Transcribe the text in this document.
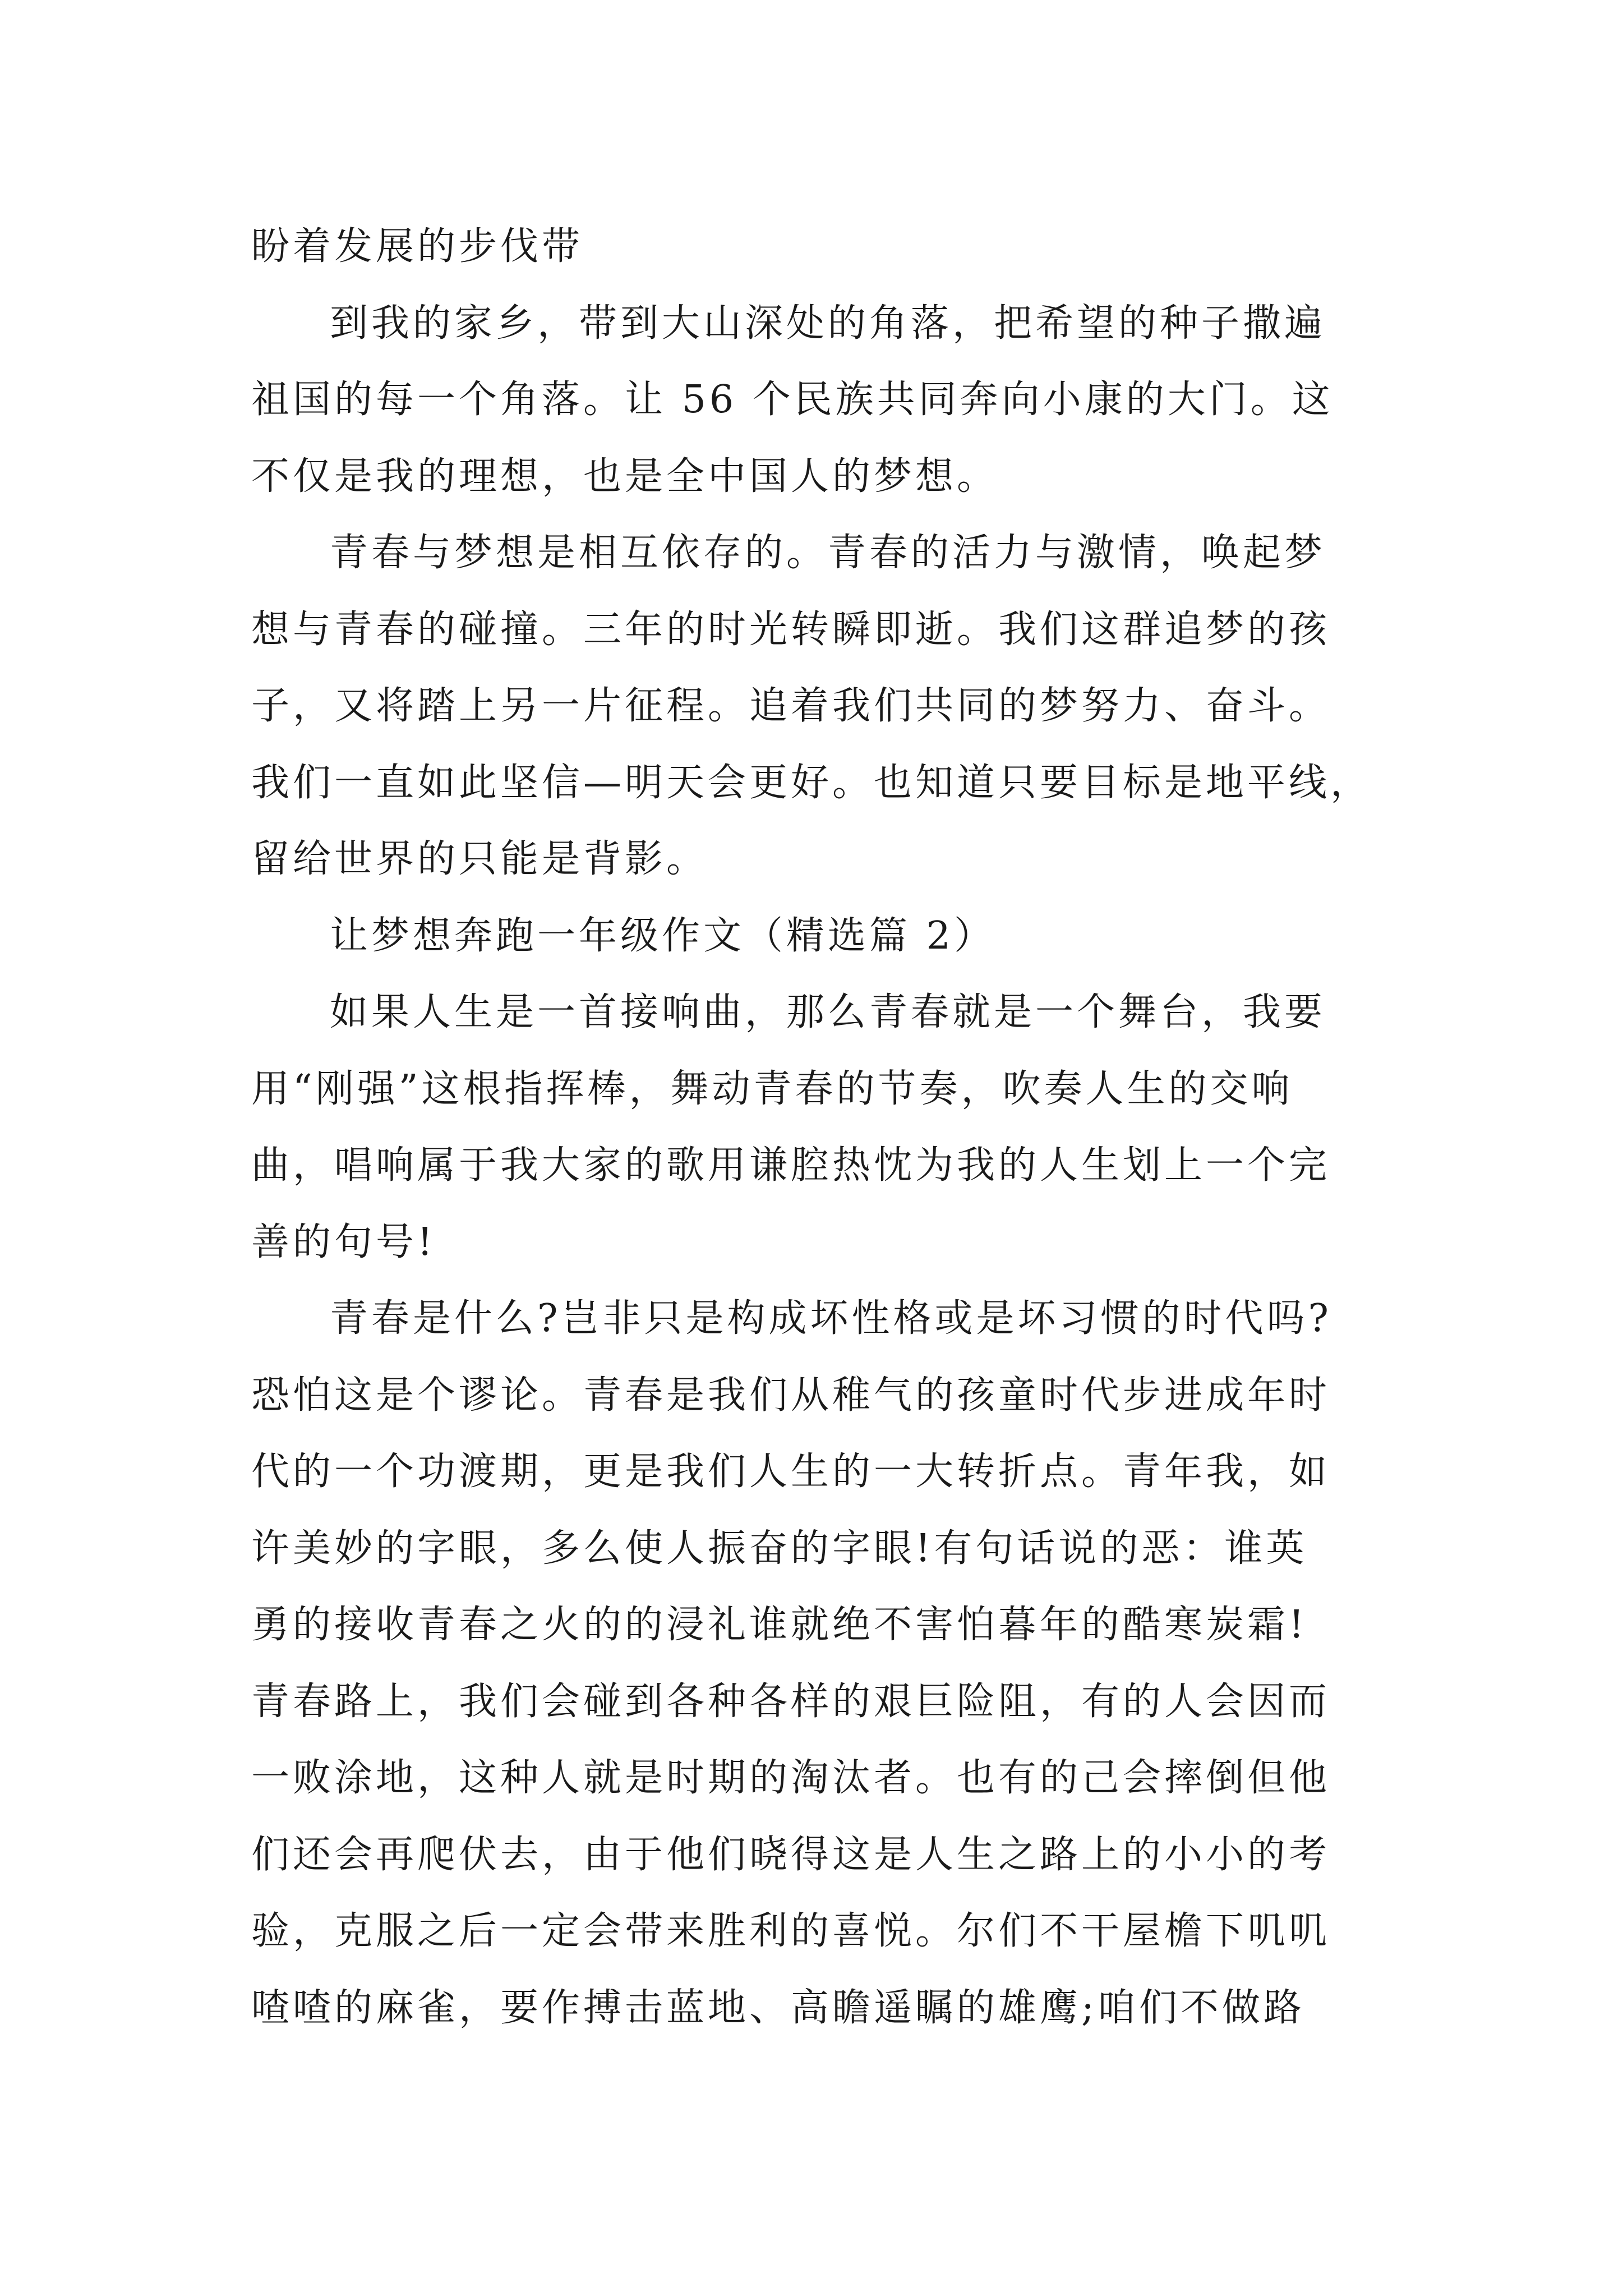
盼着发展的步伐带

到我的家乡，带到大山深处的角落，把希望的种子撒遍
祖国的每一个角落。让 56 个民族共同奔向小康的大门。这
不仅是我的理想，也是全中国人的梦想。

青春与梦想是相互依存的。青春的活力与激情，唤起梦
想与青春的碰撞。三年的时光转瞬即逝。我们这群追梦的孩
子，又将踏上另一片征程。追着我们共同的梦努力、奋斗。
我们一直如此坚信—明天会更好。也知道只要目标是地平线，
留给世界的只能是背影。

让梦想奔跑一年级作文（精选篇 2）

如果人生是一首接响曲，那么青春就是一个舞台，我要
用“刚强”这根指挥棒，舞动青春的节奏，吹奏人生的交响
曲，唱响属于我大家的歌用谦腔热忱为我的人生划上一个完
善的句号!

青春是什么?岂非只是构成坏性格或是坏习惯的时代吗?
恐怕这是个谬论。青春是我们从稚气的孩童时代步进成年时
代的一个功渡期，更是我们人生的一大转折点。青年我，如
许美妙的字眼，多么使人振奋的字眼!有句话说的恶：谁英
勇的接收青春之火的的浸礼谁就绝不害怕暮年的酷寒炭霜!
青春路上，我们会碰到各种各样的艰巨险阻，有的人会因而
一败涂地，这种人就是时期的淘汰者。也有的己会摔倒但他
们还会再爬伏去，由于他们晓得这是人生之路上的小小的考
验，克服之后一定会带来胜利的喜悦。尔们不干屋檐下叽叽
喳喳的麻雀，要作搏击蓝地、高瞻遥瞩的雄鹰;咱们不做路
